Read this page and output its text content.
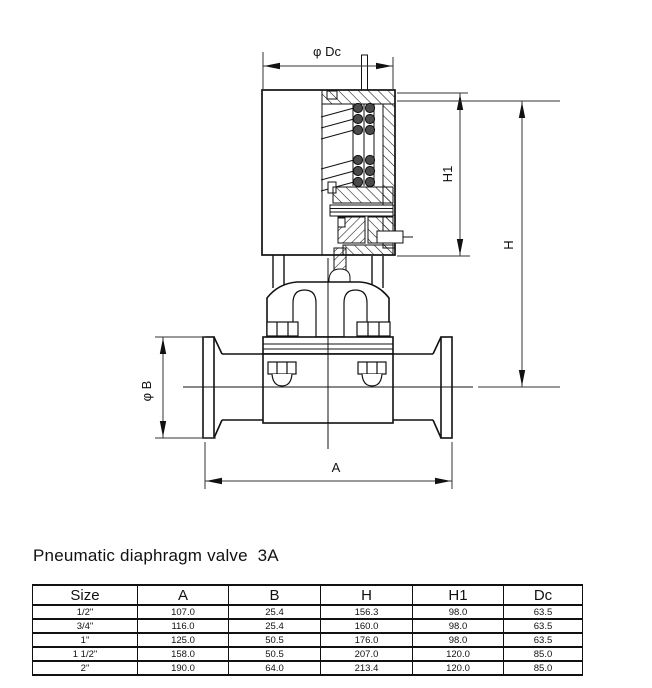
φ Dc
H1
H
φ B
A
Pneumatic diaphragm valve  3A
Size	A	B	H	H1	Dc
1/2"	107.0	25.4	156.3	98.0	63.5
3/4"	116.0	25.4	160.0	98.0	63.5
1"	125.0	50.5	176.0	98.0	63.5
1 1/2"	158.0	50.5	207.0	120.0	85.0
2"	190.0	64.0	213.4	120.0	85.0
